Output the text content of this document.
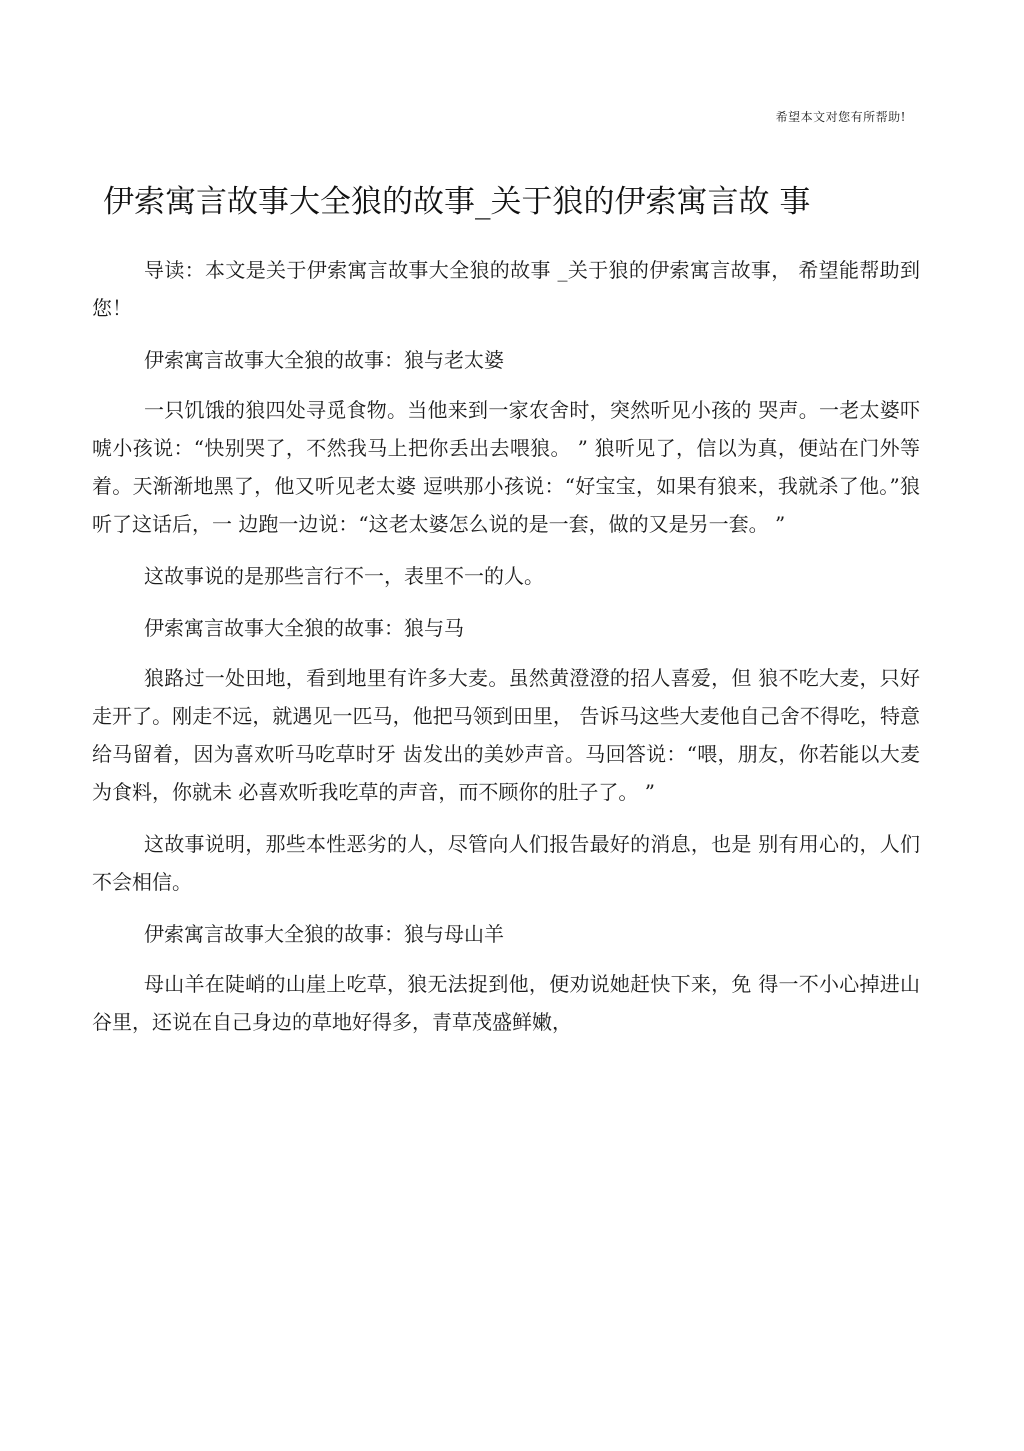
希望本文对您有所帮助!
伊索寓言故事大全狼的故事_关于狼的伊索寓言故 事

导读：本文是关于伊索寓言故事大全狼的故事 _关于狼的伊索寓言故事， 希望能帮助到您！

伊索寓言故事大全狼的故事：狼与老太婆

一只饥饿的狼四处寻觅食物。当他来到一家农舍时，突然听见小孩的 哭声。一老太婆吓唬小孩说：“快别哭了，不然我马上把你丢出去喂狼。 ” 狼听见了，信以为真，便站在门外等着。天渐渐地黑了，他又听见老太婆 逗哄那小孩说：“好宝宝，如果有狼来，我就杀了他。”狼听了这话后，一 边跑一边说：“这老太婆怎么说的是一套，做的又是另一套。 ”

这故事说的是那些言行不一，表里不一的人。

伊索寓言故事大全狼的故事：狼与马

狼路过一处田地，看到地里有许多大麦。虽然黄澄澄的招人喜爱，但 狼不吃大麦，只好走开了。刚走不远，就遇见一匹马，他把马领到田里， 告诉马这些大麦他自己舍不得吃，特意给马留着，因为喜欢听马吃草时牙 齿发出的美妙声音。马回答说：“喂，朋友，你若能以大麦为食料，你就未 必喜欢听我吃草的声音，而不顾你的肚子了。 ”

这故事说明，那些本性恶劣的人，尽管向人们报告最好的消息，也是 别有用心的，人们不会相信。

伊索寓言故事大全狼的故事：狼与母山羊

母山羊在陡峭的山崖上吃草，狼无法捉到他，便劝说她赶快下来，免 得一不小心掉进山谷里，还说在自己身边的草地好得多，青草茂盛鲜嫩，
